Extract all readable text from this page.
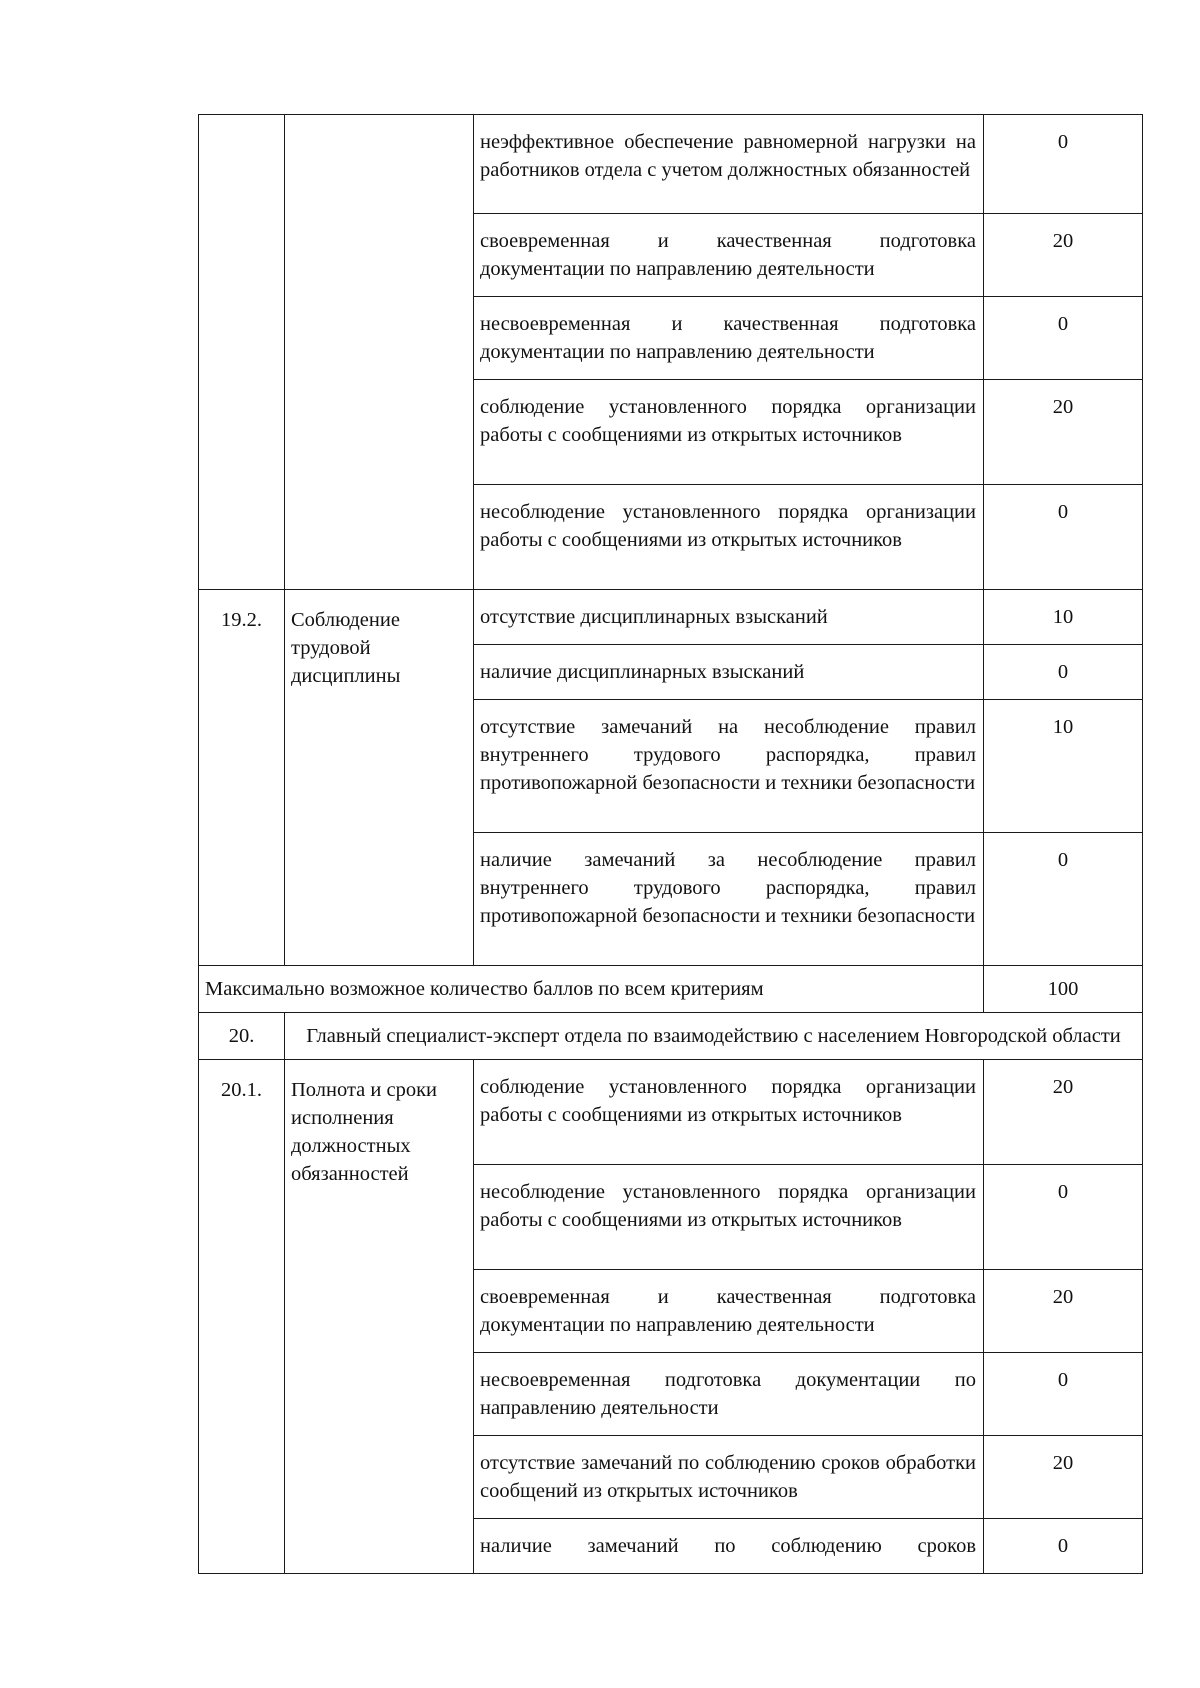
		неэффективное обеспечение равномерной нагрузки на работников отдела с учетом должностных обязанностей	0
		своевременная и качественная подготовка документации по направлению деятельности	20
		несвоевременная и качественная подготовка документации по направлению деятельности	0
		соблюдение установленного порядка организации работы с сообщениями из открытых источников	20
		несоблюдение установленного порядка организации работы с сообщениями из открытых источников	0
19.2.	Соблюдение трудовой дисциплины	отсутствие дисциплинарных взысканий	10
		наличие дисциплинарных взысканий	0
		отсутствие замечаний на несоблюдение правил внутреннего трудового распорядка, правил противопожарной безопасности и техники безопасности	10
		наличие замечаний за несоблюдение правил внутреннего трудового распорядка, правил противопожарной безопасности и техники безопасности	0
Максимально возможное количество баллов по всем критериям			100
20.	Главный специалист-эксперт отдела по взаимодействию с населением Новгородской области		
20.1.	Полнота и сроки исполнения должностных обязанностей	соблюдение установленного порядка организации работы с сообщениями из открытых источников	20
		несоблюдение установленного порядка организации работы с сообщениями из открытых источников	0
		своевременная и качественная подготовка документации по направлению деятельности	20
		несвоевременная подготовка документации по направлению деятельности	0
		отсутствие замечаний по соблюдению сроков обработки сообщений из открытых источников	20
		наличие замечаний по соблюдению сроков	0
